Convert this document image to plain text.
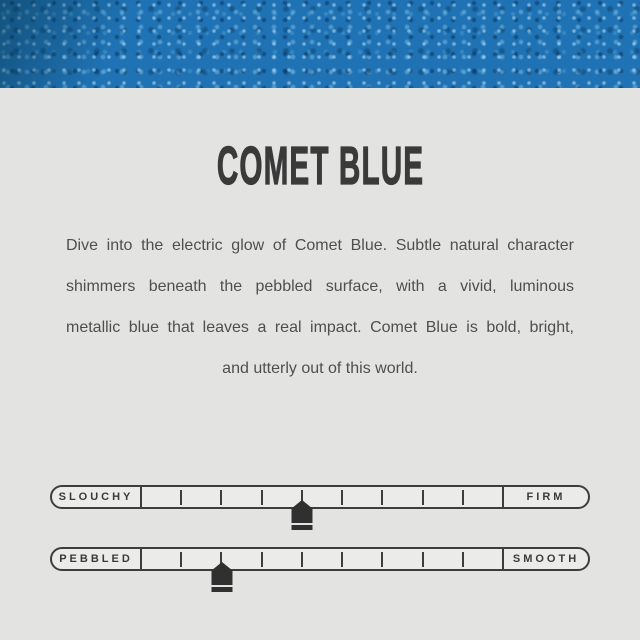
COMET BLUE
Dive into the electric glow of Comet Blue. Subtle natural character
shimmers beneath the pebbled surface, with a vivid, luminous
metallic blue that leaves a real impact. Comet Blue is bold, bright,
and utterly out of this world.
SLOUCHY	FIRM
PEBBLED	SMOOTH
